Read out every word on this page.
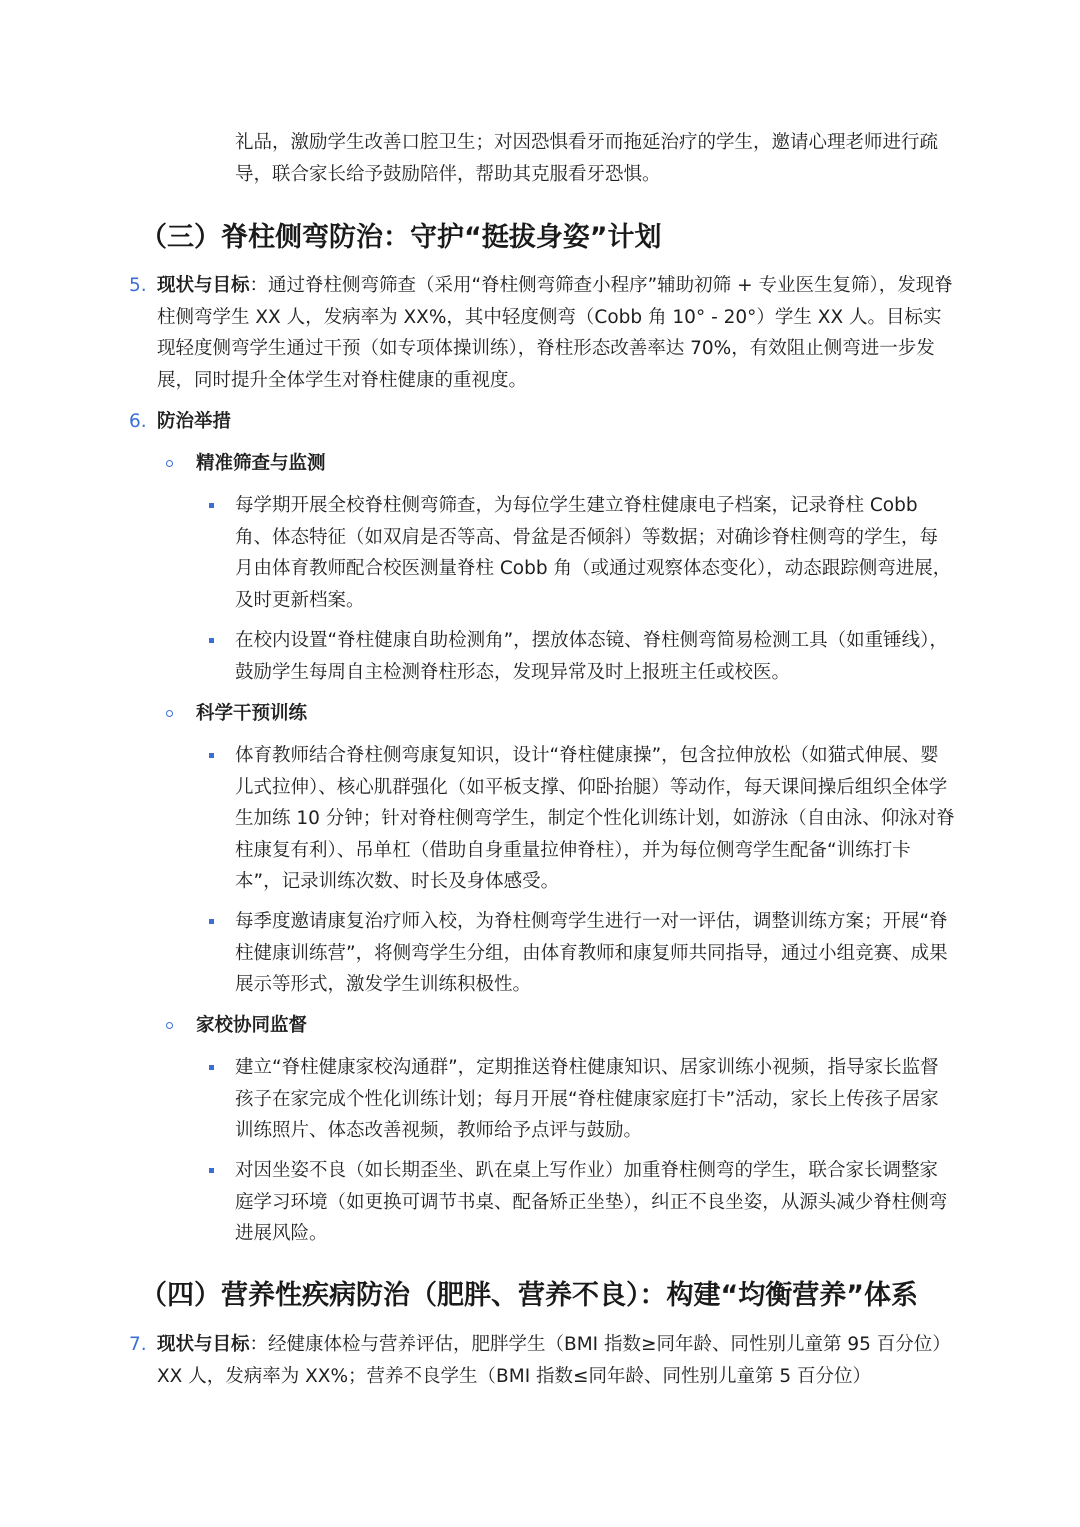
礼品，激励学生改善口腔卫生；对因恐惧看牙而拖延治疗的学生，邀请心理老师进行疏导，联合家长给予鼓励陪伴，帮助其克服看牙恐惧。

（三）脊柱侧弯防治：守护“挺拔身姿”计划
5. 现状与目标：通过脊柱侧弯筛查（采用“脊柱侧弯筛查小程序”辅助初筛 + 专业医生复筛），发现脊柱侧弯学生 XX 人，发病率为 XX%，其中轻度侧弯（Cobb 角 10° - 20°）学生 XX 人。目标实现轻度侧弯学生通过干预（如专项体操训练），脊柱形态改善率达 70%，有效阻止侧弯进一步发展，同时提升全体学生对脊柱健康的重视度。

6. 防治举措

精准筛查与监测

每学期开展全校脊柱侧弯筛查，为每位学生建立脊柱健康电子档案，记录脊柱 Cobb 角、体态特征（如双肩是否等高、骨盆是否倾斜）等数据；对确诊脊柱侧弯的学生，每月由体育教师配合校医测量脊柱 Cobb 角（或通过观察体态变化），动态跟踪侧弯进展，及时更新档案。

在校内设置“脊柱健康自助检测角”，摆放体态镜、脊柱侧弯简易检测工具（如重锤线），鼓励学生每周自主检测脊柱形态，发现异常及时上报班主任或校医。

科学干预训练

体育教师结合脊柱侧弯康复知识，设计“脊柱健康操”，包含拉伸放松（如猫式伸展、婴儿式拉伸）、核心肌群强化（如平板支撑、仰卧抬腿）等动作，每天课间操后组织全体学生加练 10 分钟；针对脊柱侧弯学生，制定个性化训练计划，如游泳（自由泳、仰泳对脊柱康复有利）、吊单杠（借助自身重量拉伸脊柱），并为每位侧弯学生配备“训练打卡本”，记录训练次数、时长及身体感受。

每季度邀请康复治疗师入校，为脊柱侧弯学生进行一对一评估，调整训练方案；开展“脊柱健康训练营”，将侧弯学生分组，由体育教师和康复师共同指导，通过小组竞赛、成果展示等形式，激发学生训练积极性。

家校协同监督

建立“脊柱健康家校沟通群”，定期推送脊柱健康知识、居家训练小视频，指导家长监督孩子在家完成个性化训练计划；每月开展“脊柱健康家庭打卡”活动，家长上传孩子居家训练照片、体态改善视频，教师给予点评与鼓励。

对因坐姿不良（如长期歪坐、趴在桌上写作业）加重脊柱侧弯的学生，联合家长调整家庭学习环境（如更换可调节书桌、配备矫正坐垫），纠正不良坐姿，从源头减少脊柱侧弯进展风险。

（四）营养性疾病防治（肥胖、营养不良）：构建“均衡营养”体系
7. 现状与目标：经健康体检与营养评估，肥胖学生（BMI 指数≥同年龄、同性别儿童第 95 百分位）XX 人，发病率为 XX%；营养不良学生（BMI 指数≤同年龄、同性别儿童第 5 百分位）
